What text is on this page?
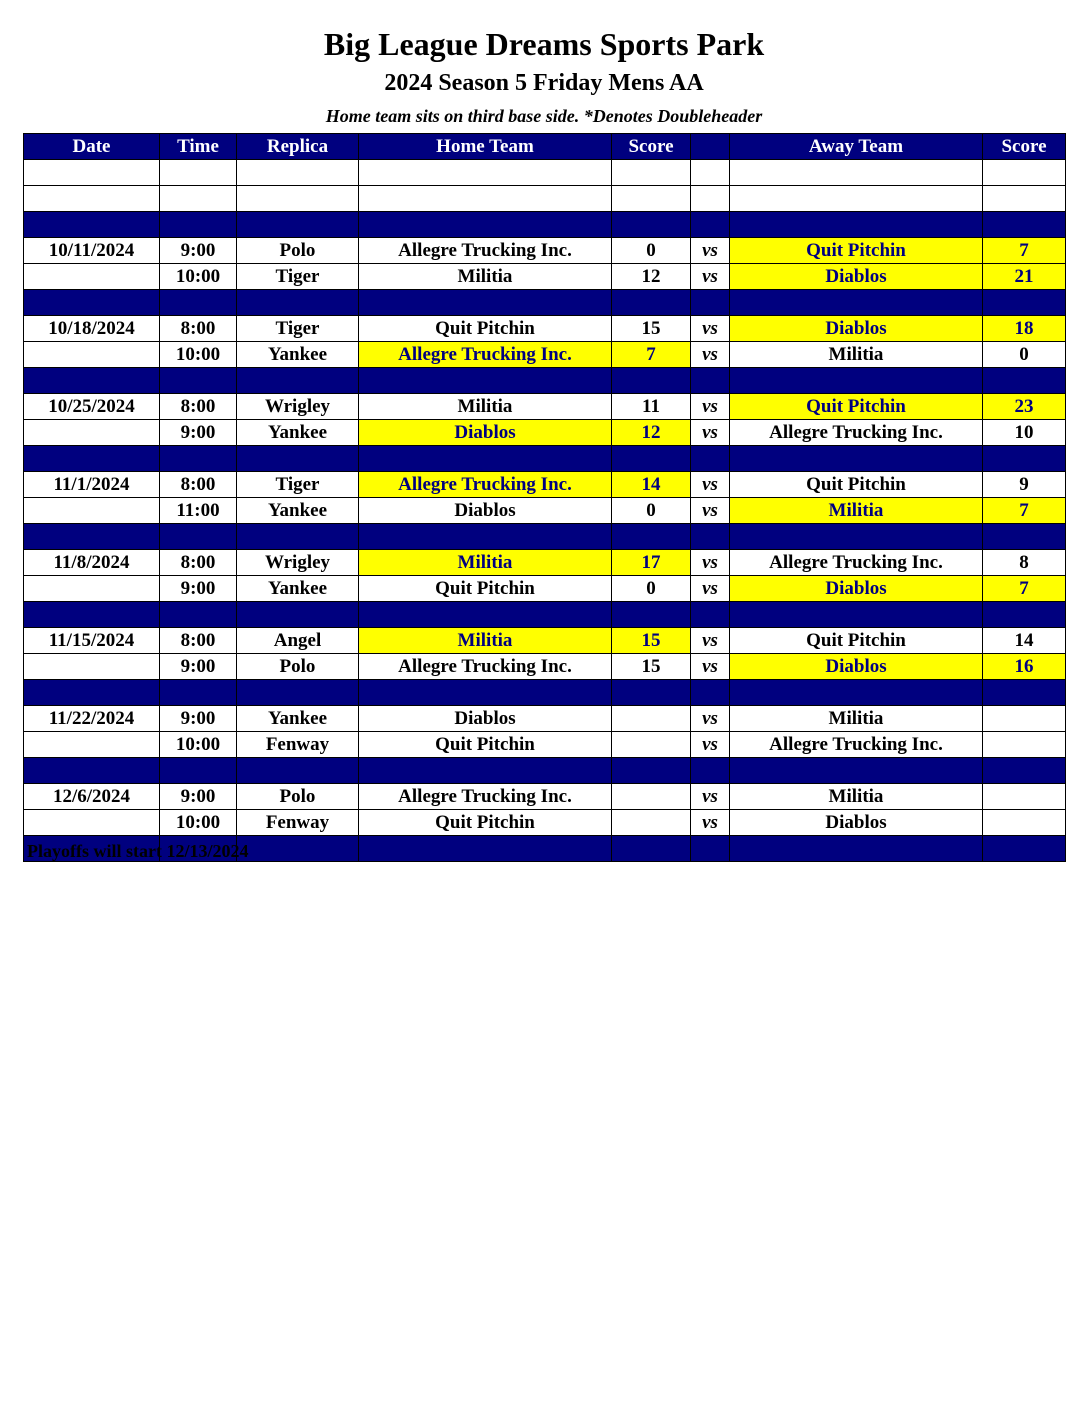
Big League Dreams Sports Park
2024 Season 5 Friday Mens AA
Home team sits on third base side. *Denotes Doubleheader
Date	Time	Replica	Home Team	Score		Away Team	Score

10/11/2024	9:00	Polo	Allegre Trucking Inc.	0	vs	Quit Pitchin	7
	10:00	Tiger	Militia	12	vs	Diablos	21

10/18/2024	8:00	Tiger	Quit Pitchin	15	vs	Diablos	18
	10:00	Yankee	Allegre Trucking Inc.	7	vs	Militia	0

10/25/2024	8:00	Wrigley	Militia	11	vs	Quit Pitchin	23
	9:00	Yankee	Diablos	12	vs	Allegre Trucking Inc.	10

11/1/2024	8:00	Tiger	Allegre Trucking Inc.	14	vs	Quit Pitchin	9
	11:00	Yankee	Diablos	0	vs	Militia	7

11/8/2024	8:00	Wrigley	Militia	17	vs	Allegre Trucking Inc.	8
	9:00	Yankee	Quit Pitchin	0	vs	Diablos	7

11/15/2024	8:00	Angel	Militia	15	vs	Quit Pitchin	14
	9:00	Polo	Allegre Trucking Inc.	15	vs	Diablos	16

11/22/2024	9:00	Yankee	Diablos		vs	Militia	
	10:00	Fenway	Quit Pitchin		vs	Allegre Trucking Inc.	

12/6/2024	9:00	Polo	Allegre Trucking Inc.		vs	Militia	
	10:00	Fenway	Quit Pitchin		vs	Diablos	

Playoffs will start 12/13/2024
